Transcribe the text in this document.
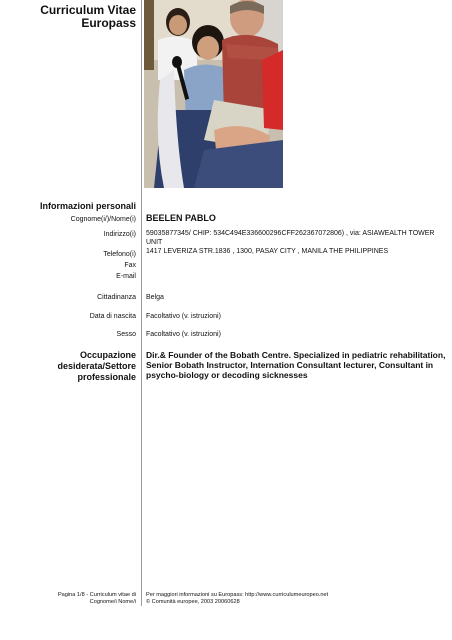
Curriculum Vitae
Europass
Informazioni personali
Cognome(i/)/Nome(i) BEELEN PABLO
Indirizzo(i) 59035877345/ CHIP: 534C494E336600296CFF262367072806) , via: ASIAWEALTH TOWER UNIT
1417 LEVERIZA STR.1836 , 1300, PASAY CITY , MANILA THE PHILIPPINES
Telefono(i)
Fax
E-mail
Cittadinanza Belga
Data di nascita Facoltativo (v. istruzioni)
Sesso Facoltativo (v. istruzioni)
Occupazione
desiderata/Settore
professionale
Dir.& Founder of the Bobath Centre. Specialized in pediatric rehabilitation,
Senior Bobath Instructor, Internation Consultant lecturer, Consultant in
psycho-biology or decoding sicknesses
Pagina 1/8 - Curriculum vitae di
Cognome/i Nome/i
Per maggiori informazioni su Europass: http://www.curriculumeuropeo.net
© Comunità europee, 2003 20060628
